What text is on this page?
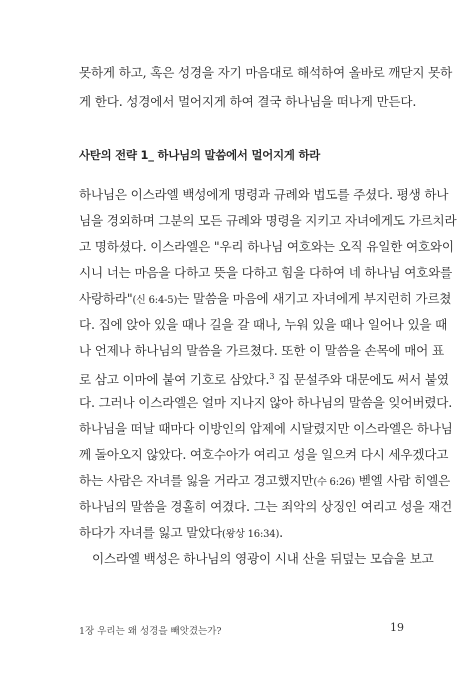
못하게 하고, 혹은 성경을 자기 마음대로 해석하여 올바로 깨닫지 못하
게 한다. 성경에서 멀어지게 하여 결국 하나님을 떠나게 만든다.
사탄의 전략 1_ 하나님의 말씀에서 멀어지게 하라
하나님은 이스라엘 백성에게 명령과 규례와 법도를 주셨다. 평생 하나
님을 경외하며 그분의 모든 규례와 명령을 지키고 자녀에게도 가르치라
고 명하셨다. 이스라엘은 "우리 하나님 여호와는 오직 유일한 여호와이
시니 너는 마음을 다하고 뜻을 다하고 힘을 다하여 네 하나님 여호와를
사랑하라"(신 6:4-5)는 말씀을 마음에 새기고 자녀에게 부지런히 가르쳤
다. 집에 앉아 있을 때나 길을 갈 때나, 누워 있을 때나 일어나 있을 때
나 언제나 하나님의 말씀을 가르쳤다. 또한 이 말씀을 손목에 매어 표
로 삼고 이마에 붙여 기호로 삼았다.$^3$ 집 문설주와 대문에도 써서 붙였
다. 그러나 이스라엘은 얼마 지나지 않아 하나님의 말씀을 잊어버렸다.
하나님을 떠날 때마다 이방인의 압제에 시달렸지만 이스라엘은 하나님
께 돌아오지 않았다. 여호수아가 여리고 성을 일으켜 다시 세우겠다고
하는 사람은 자녀를 잃을 거라고 경고했지만(수 6:26) 벧엘 사람 히엘은
하나님의 말씀을 경홀히 여겼다. 그는 죄악의 상징인 여리고 성을 재건
하다가 자녀를 잃고 말았다(왕상 16:34).
이스라엘 백성은 하나님의 영광이 시내 산을 뒤덮는 모습을 보고
1장 우리는 왜 성경을 빼앗겼는가?	19
